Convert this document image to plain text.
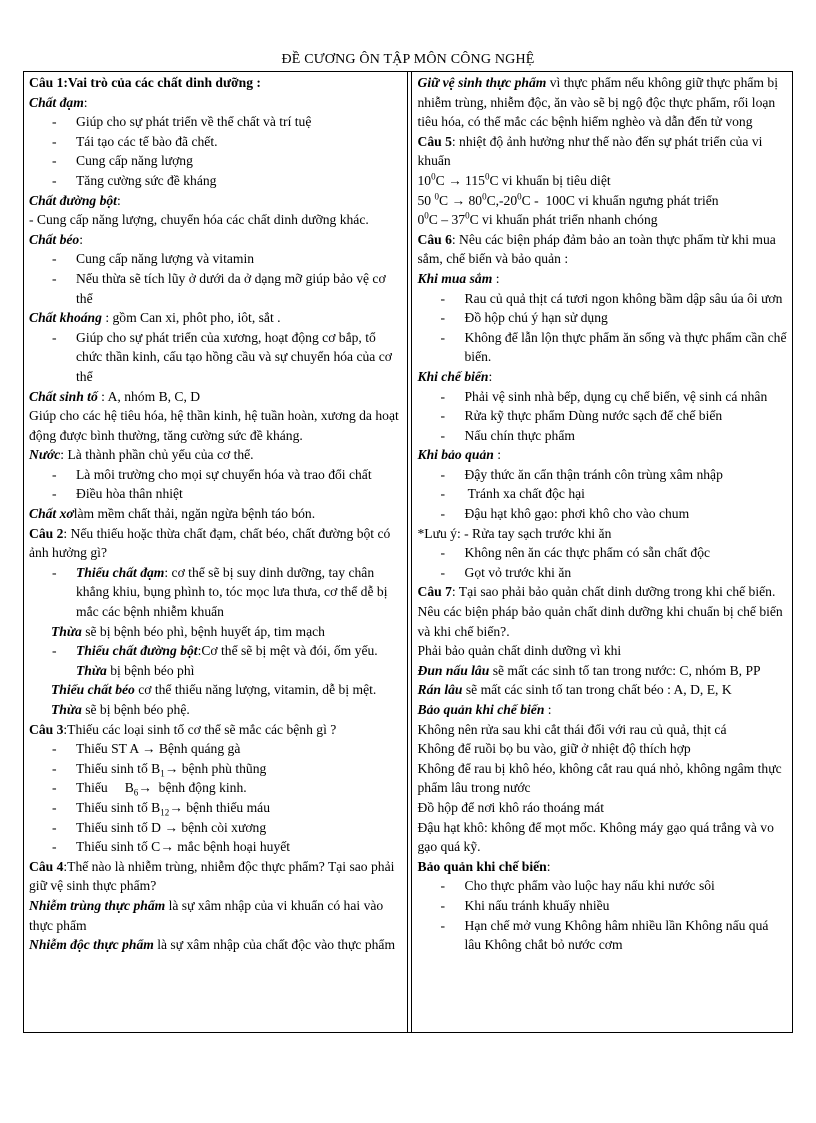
ĐỀ CƯƠNG ÔN TẬP MÔN CÔNG NGHỆ

Câu 1:Vai trò của các chất dinh dưỡng :

Chất đạm:

- Giúp cho sự phát triển về thể chất và trí tuệ
- Tái tạo các tế bào đã chết.
- Cung cấp năng lượng
- Tăng cường sức đề kháng

Chất đường bột:

- Cung cấp năng lượng, chuyển hóa các chất dinh dưỡng khác.

Chất béo:

- Cung cấp năng lượng và vitamin
- Nếu thừa sẽ tích lũy ở dưới da ở dạng mỡ giúp bảo vệ cơ thể

Chất khoáng : gồm Can xi, phôt pho, iôt, sắt .

- Giúp cho sự phát triển của xương, hoạt động cơ bắp, tổ chức thần kinh, cấu tạo hồng cầu và sự chuyển hóa của cơ thể

Chất sinh tố : A, nhóm B, C, D

Giúp cho các hệ tiêu hóa, hệ thần kinh, hệ tuần hoàn, xương da hoạt động được bình thường, tăng cường sức đề kháng.

Nước: Là thành phần chủ yếu của cơ thể.

- Là môi trường cho mọi sự chuyển hóa và trao đổi chất
- Điều hòa thân nhiệt

Chất xơlàm mềm chất thải, ngăn ngừa bệnh táo bón.

Câu 2: Nếu thiếu hoặc thừa chất đạm, chất béo, chất đường bột có ảnh hưởng gì?

- Thiếu chất đạm: cơ thể sẽ bị suy dinh dưỡng, tay chân khẳng khiu, bụng phình to, tóc mọc lưa thưa, cơ thể dễ bị mắc các bệnh nhiễm khuẩn

Thừa sẽ bị bệnh béo phì, bệnh huyết áp, tim mạch

- Thiếu chất đường bột:Cơ thể sẽ bị mệt và đói, ốm yếu. Thừa bị bệnh béo phì

Thiếu chất béo cơ thể thiếu năng lượng, vitamin, dễ bị mệt. Thừa sẽ bị bệnh béo phệ.

Câu 3:Thiếu các loại sinh tố cơ thể sẽ mắc các bệnh gì ?

- Thiếu ST A → Bệnh quáng gà
- Thiếu sinh tố $B_1\to$ bệnh phù thũng
- Thiếu     $B_6\to$  bệnh động kinh.
- Thiếu sinh tố $B_{12}\to$ bệnh thiếu máu
- Thiếu sinh tố D → bệnh còi xương
- Thiếu sinh tố C→ mắc bệnh hoại huyết

Câu 4:Thế nào là nhiễm trùng, nhiễm độc thực phẩm? Tại sao phải giữ vệ sinh thực phẩm?

Nhiễm trùng thực phẩm là sự xâm nhập của vi khuẩn có hai vào thực phẩm

Nhiễm độc thực phẩm là sự xâm nhập của chất độc vào thực phẩm

Giữ vệ sinh thực phẩm vì thực phẩm nếu không giữ thực phẩm bị nhiễm trùng, nhiễm độc, ăn vào sẽ bị ngộ độc thực phẩm, rối loạn tiêu hóa, có thể mắc các bệnh hiểm nghèo và dẫn đến tử vong

Câu 5: nhiệt độ ảnh hưởng như thế nào đến sự phát triển của vi khuẩn

$10^0C \to 115^0C$ vi khuẩn bị tiêu diệt

50 $^0C \to 80^0C,-20^0C - 100C$ vi khuẩn ngưng phát triển

$0^0C - 37^0C$ vi khuẩn phát triển nhanh chóng

Câu 6: Nêu các biện pháp đảm bảo an toàn thực phẩm từ khi mua sắm, chế biến và bảo quản :

Khi mua sắm :

- Rau củ quả thịt cá tươi ngon không bầm dập sâu úa ôi ươn
- Đồ hộp chú ý hạn sử dụng
- Không để lẫn lộn thực phẩm ăn sống và thực phẩm cần chế biến.

Khi chế biến:

- Phải vệ sinh nhà bếp, dụng cụ chế biến, vệ sinh cá nhân
- Rửa kỹ thực phẩm Dùng nước sạch để chế biến
- Nấu chín thực phẩm

Khi bảo quản :

- Đậy thức ăn cẩn thận tránh côn trùng xâm nhập
-  Tránh xa chất độc hại
- Đậu hạt khô gạo: phơi khô cho vào chum

*Lưu ý: - Rửa tay sạch trước khi ăn

- Không nên ăn các thực phẩm có sẵn chất độc
- Gọt vỏ trước khi ăn

Câu 7: Tại sao phải bảo quản chất dinh dưỡng trong khi chế biến. Nêu các biện pháp bảo quản chất dinh dưỡng khi chuẩn bị chế biến và khi chế biến?.

Phải bảo quản chất dinh dưỡng vì khi

Đun nấu lâu sẽ mất các sinh tố tan trong nước: C, nhóm B, PP

Rán lâu sẽ mất các sinh tố tan trong chất béo : A, D, E, K

Bảo quản khi chế biến :

Không nên rửa sau khi cắt thái đối với rau củ quả, thịt cá

Không để ruồi bọ bu vào, giữ ở nhiệt độ thích hợp

Không để rau bị khô héo, không cắt rau quá nhỏ, không ngâm thực phẩm lâu trong nước

Đồ hộp để nơi khô ráo thoáng mát

Đậu hạt khô: không để mọt mốc. Không máy gạo quá trắng và vo gạo quá kỹ.

Bảo quản khi chế biến:

- Cho thực phẩm vào luộc hay nấu khi nước sôi
- Khi nấu tránh khuấy nhiều
- Hạn chế mở vung Không hâm nhiều lần Không nấu quá lâu Không chắt bỏ nước cơm
